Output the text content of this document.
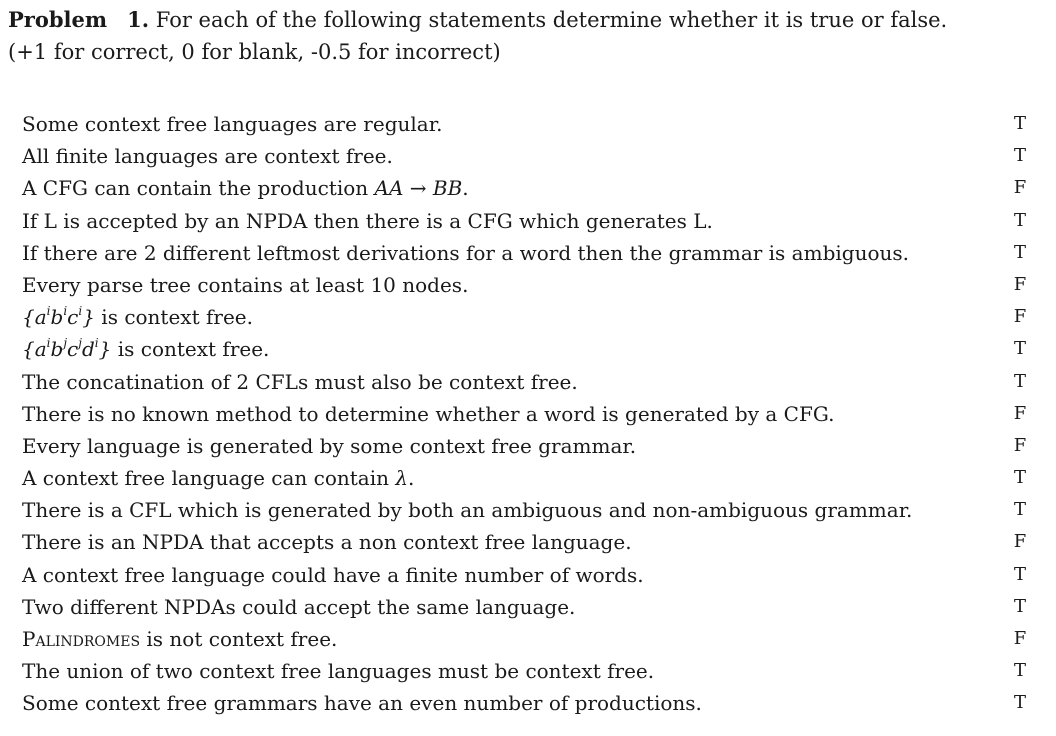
Problem 1. For each of the following statements determine whether it is true or false.
(+1 for correct, 0 for blank, -0.5 for incorrect)
Some context free languages are regular.	T
All finite languages are context free.	T
A CFG can contain the production AA → BB.	F
If L is accepted by an NPDA then there is a CFG which generates L.	T
If there are 2 different leftmost derivations for a word then the grammar is ambiguous.	T
Every parse tree contains at least 10 nodes.	F
$\{a^ib^ic^i\}$ is context free.	F
$\{a^ib^jc^jd^i\}$ is context free.	T
The concatination of 2 CFLs must also be context free.	T
There is no known method to determine whether a word is generated by a CFG.	F
Every language is generated by some context free grammar.	F
A context free language can contain λ.	T
There is a CFL which is generated by both an ambiguous and non-ambiguous grammar.	T
There is an NPDA that accepts a non context free language.	F
A context free language could have a finite number of words.	T
Two different NPDAs could accept the same language.	T
Palindromes is not context free.	F
The union of two context free languages must be context free.	T
Some context free grammars have an even number of productions.	T
